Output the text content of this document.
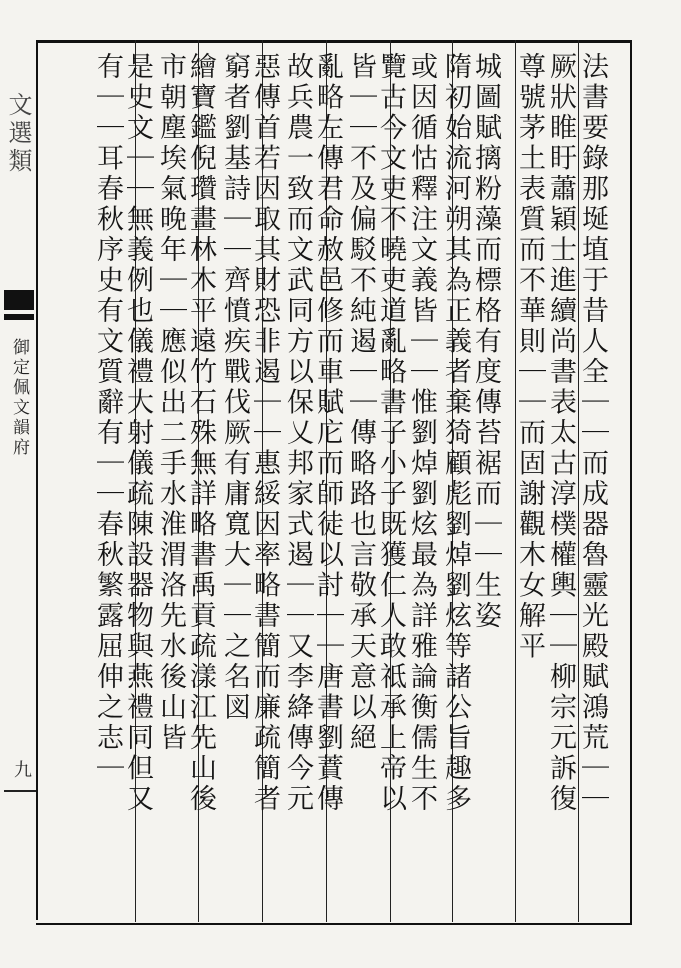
文選類
御定佩文韻府
九	法書要錄那埏埴于昔人全｜｜而成器魯靈光殿賦鴻荒｜｜
厥狀睢盱蕭穎士進續尚書表太古淳樸權輿｜｜柳宗元訴復
尊號茅土表質而不華則｜｜而固謝觀木女解平
城圖賦摛粉藻而標格有度傳苔裾而｜｜生姿
隋初始流河朔其為正義者棄猗顧彪劉焯劉炫等諸公旨趣多
或因循怙釋注文義皆｜｜惟劉焯劉炫最為詳雅論衡儒生不
覽古今文吏不曉吏道亂略書子小子既獲仁人敢祗承上帝以
皆｜｜不及偏駁不純遏｜｜傳略路也言敬承天意以絕
亂略左傳君命赦邑修而車賦庀而師徒以討｜｜唐書劉蕡傳
故兵農一致而文武同方以保乂邦家式遏｜｜又李絳傳今元
惡傳首若因取其財恐非遏｜｜惠綏因率略書簡而廉疏簡者
窮者劉基詩｜｜齊憤疾戰伐厥有庸寬大｜｜之名図
繪寶鑑倪瓚畫林木平遠竹石殊無詳略書禹貢疏漾江先山後
市朝塵埃氣晚年｜｜應似出二手水淮渭洛先水後山皆
是史文｜｜無義例也儀禮大射儀疏陳設器物與燕禮同但又
有｜｜耳春秋序史有文質辭有｜｜春秋繁露屈伸之志｜
